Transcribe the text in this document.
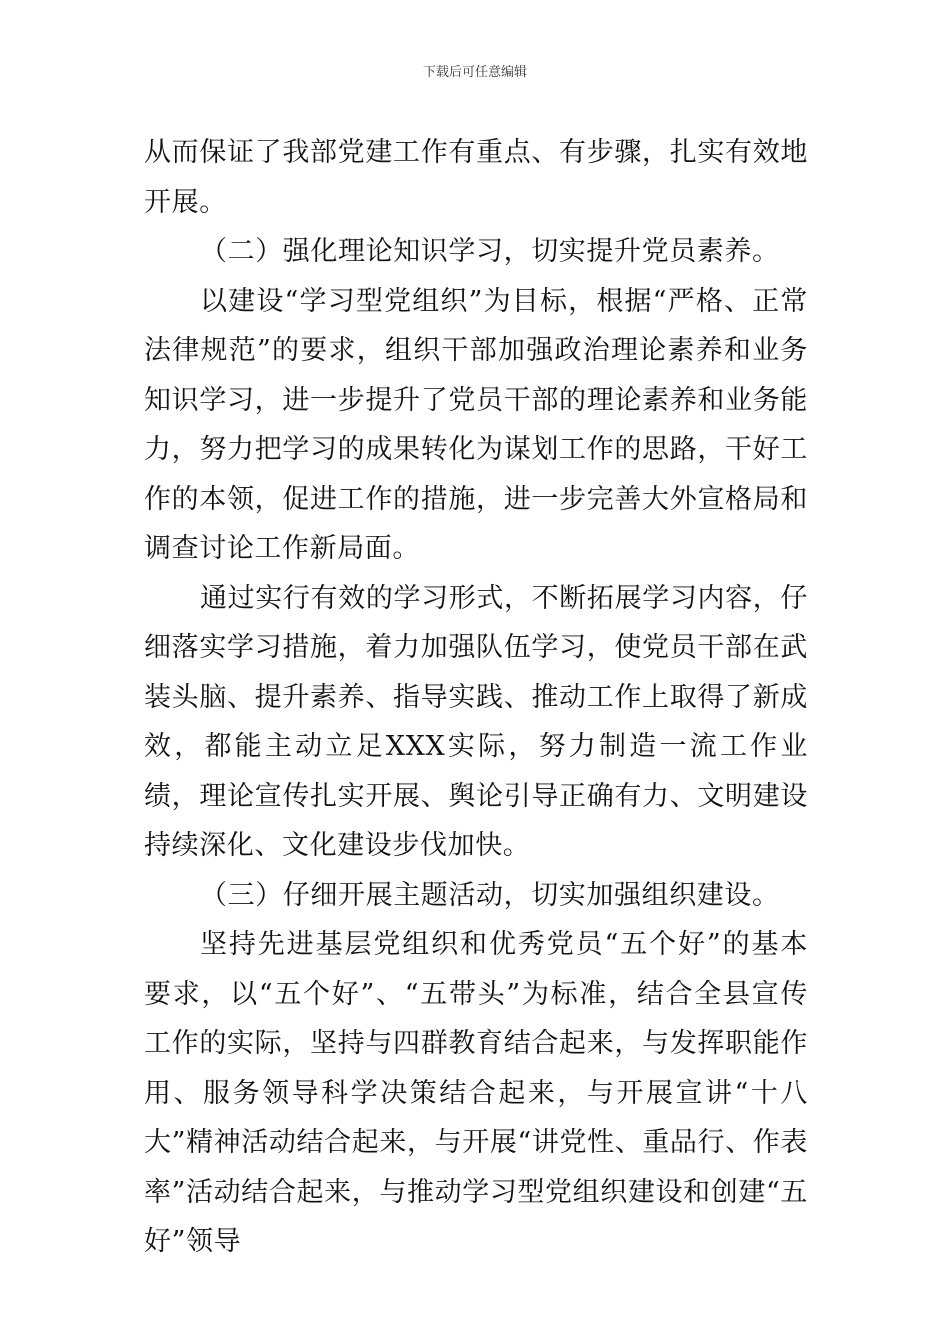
下载后可任意编辑

从而保证了我部党建工作有重点、有步骤，扎实有效地开展。

（二）强化理论知识学习，切实提升党员素养。

以建设“学习型党组织”为目标，根据“严格、正常法律规范”的要求，组织干部加强政治理论素养和业务知识学习，进一步提升了党员干部的理论素养和业务能力，努力把学习的成果转化为谋划工作的思路，干好工作的本领，促进工作的措施，进一步完善大外宣格局和调查讨论工作新局面。

通过实行有效的学习形式，不断拓展学习内容，仔细落实学习措施，着力加强队伍学习，使党员干部在武装头脑、提升素养、指导实践、推动工作上取得了新成效，都能主动立足XXX实际，努力制造一流工作业绩，理论宣传扎实开展、舆论引导正确有力、文明建设持续深化、文化建设步伐加快。

（三）仔细开展主题活动，切实加强组织建设。

坚持先进基层党组织和优秀党员“五个好”的基本要求，以“五个好”、“五带头”为标准，结合全县宣传工作的实际，坚持与四群教育结合起来，与发挥职能作用、服务领导科学决策结合起来，与开展宣讲“十八大”精神活动结合起来，与开展“讲党性、重品行、作表率”活动结合起来，与推动学习型党组织建设和创建“五好”领导
